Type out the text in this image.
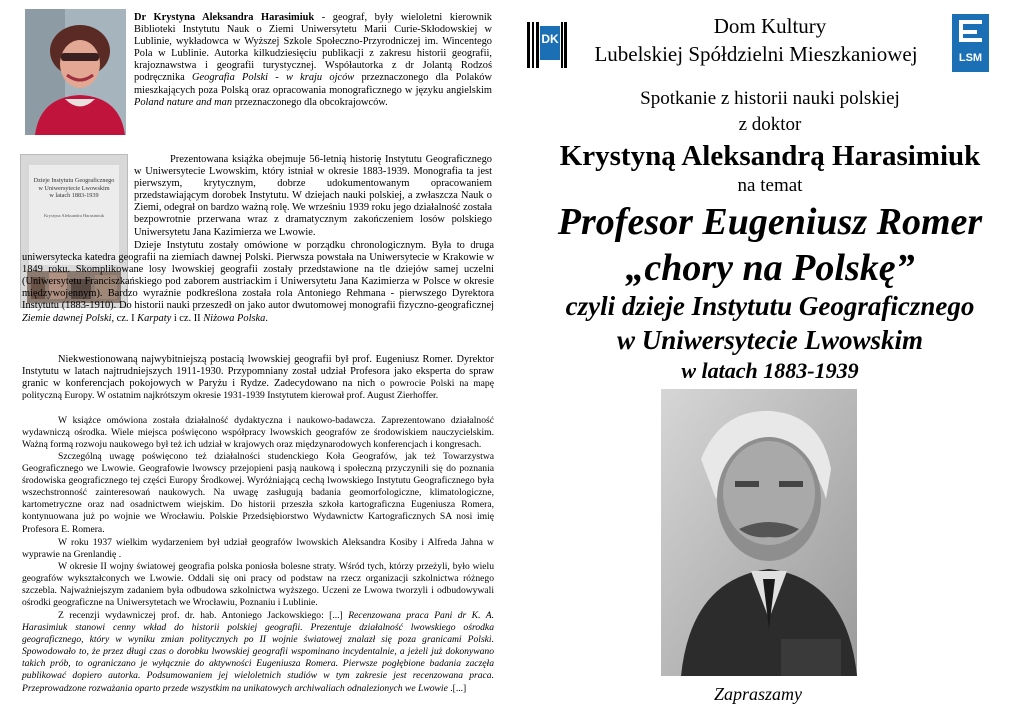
Dr Krystyna Aleksandra Harasimiuk - geograf, były wieloletni kierownik Biblioteki Instytutu Nauk o Ziemi Uniwersytetu Marii Curie-Skłodowskiej w Lublinie, wykładowca w Wyższej Szkole Społeczno-Przyrodniczej im. Wincentego Pola w Lublinie. Autorka kilkudziesięciu publikacji z zakresu historii geografii, krajoznawstwa i geografii turystycznej. Współautorka z dr Jolantą Rodzoś podręcznika Geografia Polski - w kraju ojców przeznaczonego dla Polaków mieszkających poza Polską oraz opracowania monograficznego w języku angielskim Poland nature and man przeznaczonego dla obcokrajowców.

Dzieje Instytutu Geograficznego
w Uniwersytecie Lwowskim
w latach 1883-1939
Krystyna Aleksandra Harasimiuk

Prezentowana książka obejmuje 56-letnią historię Instytutu Geograficznego w Uniwersytecie Lwowskim, który istniał w okresie 1883-1939. Monografia ta jest pierwszym, krytycznym, dobrze udokumentowanym opracowaniem przedstawiającym dorobek Instytutu. W dziejach nauki polskiej, a zwłaszcza Nauk o Ziemi, odegrał on bardzo ważną rolę. We wrześniu 1939 roku jego działalność została bezpowrotnie przerwana wraz z dramatycznym zakończeniem losów polskiego Uniwersytetu Jana Kazimierza we Lwowie.

Dzieje Instytutu zostały omówione w porządku chronologicznym. Była to druga uniwersytecka katedra geografii na ziemiach dawnej Polski. Pierwsza powstała na Uniwersytecie w Krakowie w 1849 roku. Skomplikowane losy lwowskiej geografii zostały przedstawione na tle dziejów samej uczelni (Uniwersytetu Franciszkańskiego pod zaborem austriackim i Uniwersytetu Jana Kazimierza w Polsce w okresie międzywojennym). Bardzo wyraźnie podkreślona została rola Antoniego Rehmana - pierwszego Dyrektora Instytutu (1883-1910). Do historii nauki przeszedł on jako autor dwutomowej monografii fizyczno-geograficznej Ziemie dawnej Polski, cz. I Karpaty i cz. II Niżowa Polska.

Niekwestionowaną najwybitniejszą postacią lwowskiej geografii był prof. Eugeniusz Romer. Dyrektor Instytutu w latach najtrudniejszych 1911-1930. Przypomniany został udział Profesora jako eksperta do spraw granic w konferencjach pokojowych w Paryżu i Rydze. Zadecydowano na nich o powrocie Polski na mapę polityczną Europy. W ostatnim najkrótszym okresie 1931-1939 Instytutem kierował prof. August Zierhoffer.

W książce omówiona została działalność dydaktyczna i naukowo-badawcza. Zaprezentowano działalność wydawniczą ośrodka. Wiele miejsca poświęcono współpracy lwowskich geografów ze środowiskiem nauczycielskim. Ważną formą rozwoju naukowego był też ich udział w krajowych oraz międzynarodowych konferencjach i kongresach.

Szczególną uwagę poświęcono też działalności studenckiego Koła Geografów, jak też Towarzystwa Geograficznego we Lwowie. Geografowie lwowscy przejopieni pasją naukową i społeczną przyczynili się do poznania środowiska geograficznego tej części Europy Środkowej. Wyróżniającą cechą lwowskiego Instytutu Geograficznego była wszechstronność zainteresowań naukowych. Na uwagę zasługują badania geomorfologiczne, klimatologiczne, kartometryczne oraz nad osadnictwem wiejskim. Do historii przeszła szkoła kartograficzna Eugeniusza Romera, kontynuowana już po wojnie we Wrocławiu. Polskie Przedsiębiorstwo Wydawnictw Kartograficznych SA nosi imię Profesora E. Romera.

W roku 1937 wielkim wydarzeniem był udział geografów lwowskich Aleksandra Kosiby i Alfreda Jahna w wyprawie na Grenlandię .

W okresie II wojny światowej geografia polska poniosła bolesne straty. Wśród tych, którzy przeżyli, było wielu geografów wykształconych we Lwowie. Oddali się oni pracy od podstaw na rzecz organizacji szkolnictwa różnego szczebla. Najważniejszym zadaniem była odbudowa szkolnictwa wyższego. Uczeni ze Lwowa tworzyli i odbudowywali ośrodki geograficzne na Uniwersytetach we Wrocławiu, Poznaniu i Lublinie.

Z recenzji wydawniczej prof. dr. hab. Antoniego Jackowskiego: [...] Recenzowana praca Pani dr K. A. Harasimiuk stanowi cenny wkład do historii polskiej geografii. Prezentuje działalność lwowskiego ośrodka geograficznego, który w wyniku zmian politycznych po II wojnie światowej znalazł się poza granicami Polski. Spowodowało to, że przez długi czas o dorobku lwowskiej geografii wspominano incydentalnie, a jeżeli już dokonywano takich prób, to ograniczano je wyłącznie do aktywności Eugeniusza Romera. Pierwsze pogłębione badania zaczęła publikować dopiero autorka. Podsumowaniem jej wieloletnich studiów w tym zakresie jest recenzowana praca. Przeprowadzone rozważania oparto przede wszystkim na unikatowych archiwaliach odnalezionych we Lwowie .[...]

DK
Dom Kultury
Lubelskiej Spółdzielni Mieszkaniowej	LSM
Spotkanie z historii nauki polskiej
z doktor
Krystyną Aleksandrą Harasimiuk
na temat
Profesor Eugeniusz Romer
„chory na Polskę”
czyli dzieje Instytutu Geograficznego
w Uniwersytecie Lwowskim
w latach 1883-1939
Zapraszamy
